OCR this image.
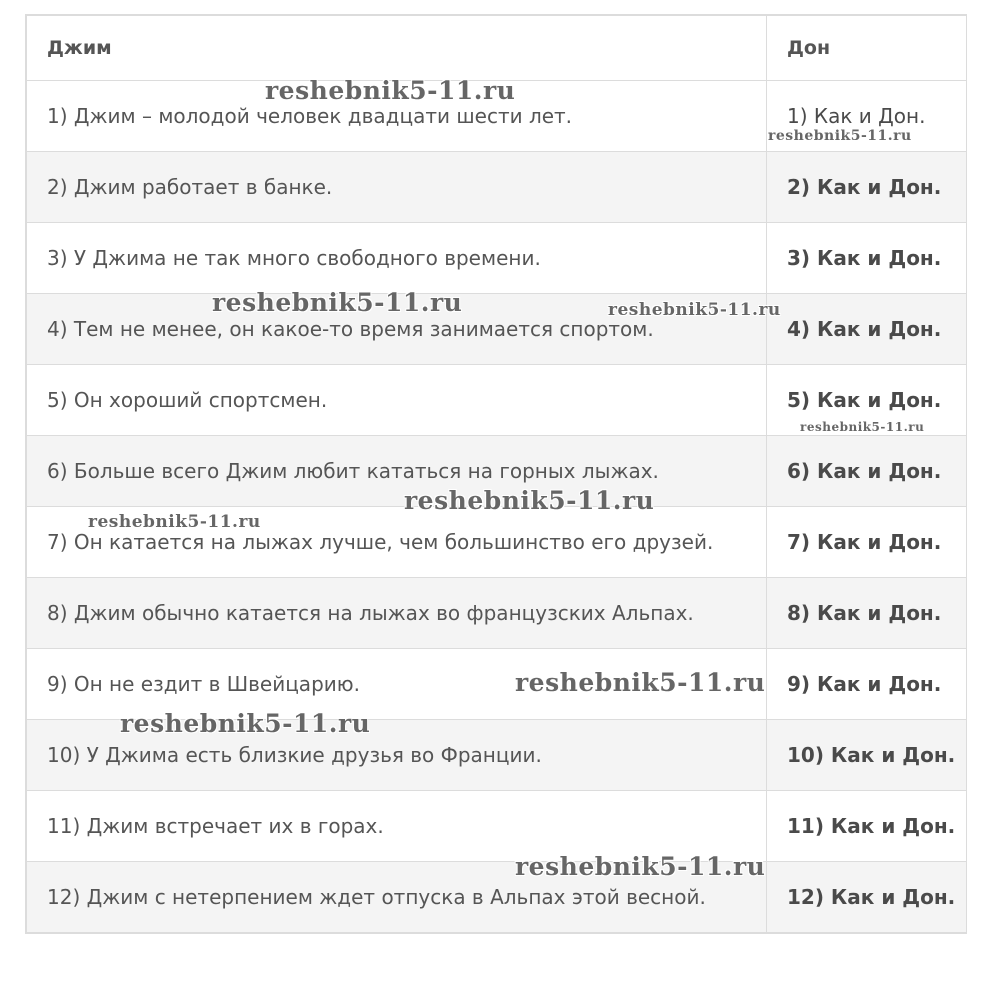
Джим	Дон
1) Джим – молодой человек двадцати шести лет.	1) Как и Дон.
2) Джим работает в банке.	2) Как и Дон.
3) У Джима не так много свободного времени.	3) Как и Дон.
4) Тем не менее, он какое-то время занимается спортом.	4) Как и Дон.
5) Он хороший спортсмен.	5) Как и Дон.
6) Больше всего Джим любит кататься на горных лыжах.	6) Как и Дон.
7) Он катается на лыжах лучше, чем большинство его друзей.	7) Как и Дон.
8) Джим обычно катается на лыжах во французских Альпах.	8) Как и Дон.
9) Он не ездит в Швейцарию.	9) Как и Дон.
10) У Джима есть близкие друзья во Франции.	10) Как и Дон.
11) Джим встречает их в горах.	11) Как и Дон.
12) Джим с нетерпением ждет отпуска в Альпах этой весной.	12) Как и Дон.
reshebnik5-11.ru
reshebnik5-11.ru
reshebnik5-11.ru	reshebnik5-11.ru
reshebnik5-11.ru
reshebnik5-11.ru
reshebnik5-11.ru
reshebnik5-11.ru
reshebnik5-11.ru
reshebnik5-11.ru
